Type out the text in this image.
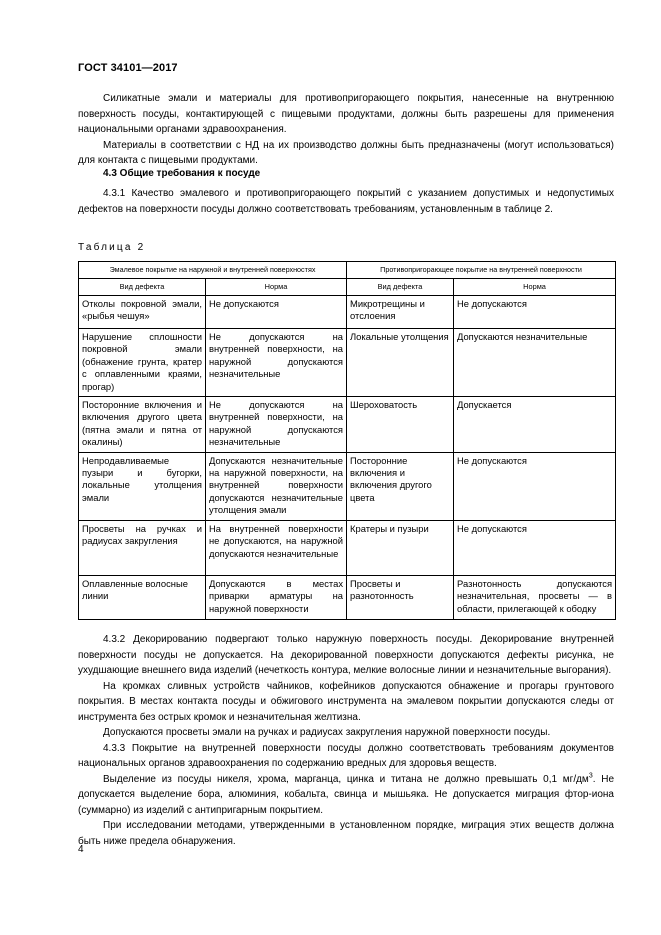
ГОСТ 34101—2017

Силикатные эмали и материалы для противопригорающего покрытия, нанесенные на внутреннюю поверхность посуды, контактирующей с пищевыми продуктами, должны быть разрешены для применения национальными органами здравоохранения.

Материалы в соответствии с НД на их производство должны быть предназначены (могут использоваться) для контакта с пищевыми продуктами.

4.3 Общие требования к посуде

4.3.1 Качество эмалевого и противопригорающего покрытий с указанием допустимых и недопустимых дефектов на поверхности посуды должно соответствовать требованиям, установленным в таблице 2.

Таблица 2
Эмалевое покрытие на наружной и внутренней поверхностях		Противопригорающее покрытие на внутренней поверхности	
Вид дефекта	Норма	Вид дефекта	Норма
Отколы покровной эмали, «рыбья чешуя»	Не допускаются	Микротрещины и отслоения	Не допускаются
Нарушение сплошности покровной эмали (обнажение грунта, кратер с оплавленными краями, прогар)	Не допускаются на внутренней поверхности, на наружной допускаются незначительные	Локальные утолщения	Допускаются незначительные
Посторонние включения и включения другого цвета (пятна эмали и пятна от окалины)	Не допускаются на внутренней поверхности, на наружной допускаются незначительные	Шероховатость	Допускается
Непродавливаемые пузыри и бугорки, локальные утолщения эмали	Допускаются незначительные на наружной поверхности, на внутренней поверхности допускаются незначительные утолщения эмали	Посторонние включения и включения другого цвета	Не допускаются
Просветы на ручках и радиусах закругления	На внутренней поверхности не допускаются, на наружной допускаются незначительные	Кратеры и пузыри	Не допускаются
Оплавленные волосные линии	Допускаются в местах приварки арматуры на наружной поверхности	Просветы и разнотонность	Разнотонность допускаются незначительная, просветы — в области, прилегающей к ободку

4.3.2 Декорированию подвергают только наружную поверхность посуды. Декорирование внутренней поверхности посуды не допускается. На декорированной поверхности допускаются дефекты рисунка, не ухудшающие внешнего вида изделий (нечеткость контура, мелкие волосные линии и незначительные выгорания).

На кромках сливных устройств чайников, кофейников допускаются обнажение и прогары грунтового покрытия. В местах контакта посуды и обжигового инструмента на эмалевом покрытии допускаются следы от инструмента без острых кромок и незначительная желтизна.

Допускаются просветы эмали на ручках и радиусах закругления наружной поверхности посуды.

4.3.3 Покрытие на внутренней поверхности посуды должно соответствовать требованиям документов национальных органов здравоохранения по содержанию вредных для здоровья веществ.

Выделение из посуды никеля, хрома, марганца, цинка и титана не должно превышать 0,1 $мг/дм^3$. Не допускается выделение бора, алюминия, кобальта, свинца и мышьяка. Не допускается миграция фтор-иона (суммарно) из изделий с антипригарным покрытием.

При исследовании методами, утвержденными в установленном порядке, миграция этих веществ должна быть ниже предела обнаружения.

4
